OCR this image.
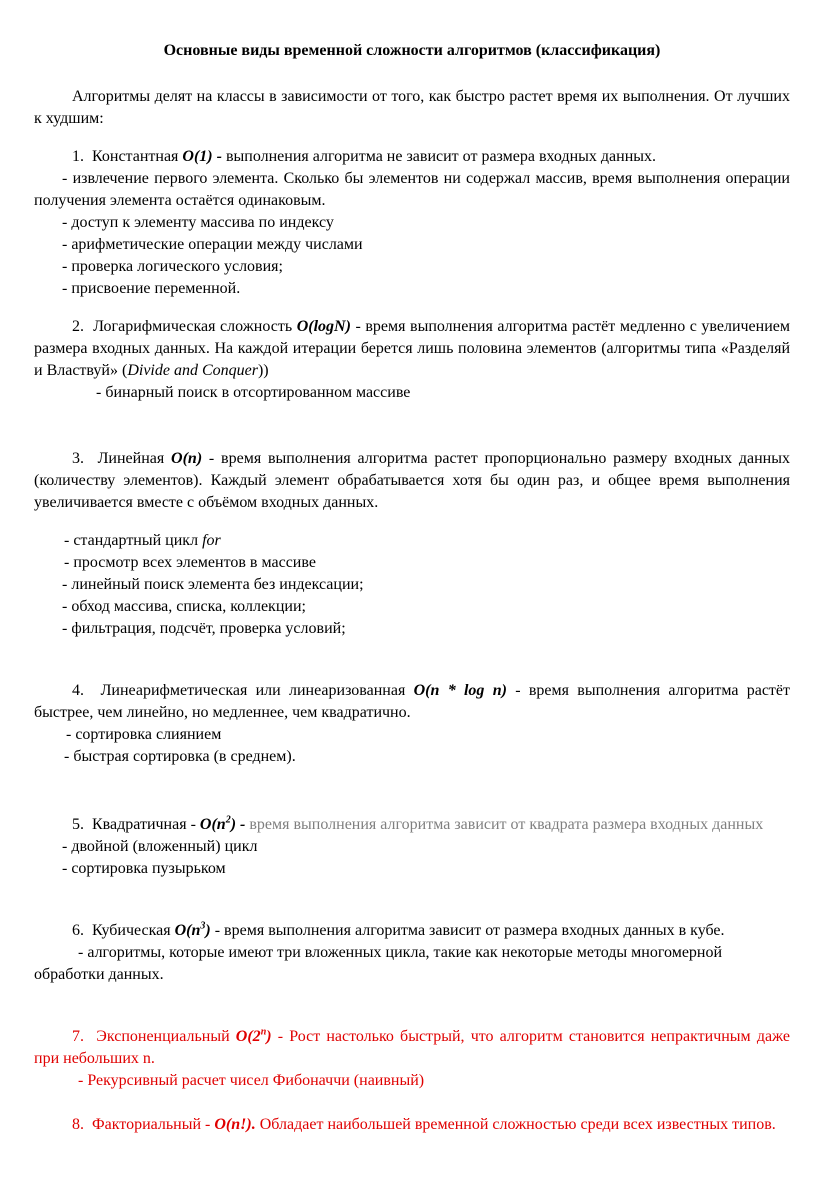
Основные виды временной сложности алгоритмов (классификация)

Алгоритмы делят на классы в зависимости от того, как быстро растет время их выполнения. От лучших к худшим:

1.  Константная О(1) - выполнения алгоритма не зависит от размера входных данных.

- извлечение первого элемента. Сколько бы элементов ни содержал массив, время выполнения операции получения элемента остаётся одинаковым.

- доступ к элементу массива по индексу

- арифметические операции между числами

- проверка логического условия;

- присвоение переменной.

2.  Логарифмическая сложность О(logN) - время выполнения алгоритма растёт медленно с увеличением размера входных данных. На каждой итерации берется лишь половина элементов (алгоритмы типа «Разделяй и Властвуй» (Divide and Conquer))

- бинарный поиск в отсортированном массиве

3.  Линейная О(n) - время выполнения алгоритма растет пропорционально размеру входных данных (количеству элементов). Каждый элемент обрабатывается хотя бы один раз, и общее время выполнения увеличивается вместе с объёмом входных данных.

- стандартный цикл for

- просмотр всех элементов в массиве

- линейный поиск элемента без индексации;

- обход массива, списка, коллекции;

- фильтрация, подсчёт, проверка условий;

4.  Линеарифметическая или линеаризованная О(n * log n) - время выполнения алгоритма растёт быстрее, чем линейно, но медленнее, чем квадратично.

- сортировка слиянием

- быстрая сортировка (в среднем).

5.  Квадратичная - $О(n^2)$ - время выполнения алгоритма зависит от квадрата размера входных данных

- двойной (вложенный) цикл

- сортировка пузырьком

6.  Кубическая $О(n^3)$ - время выполнения алгоритма зависит от размера входных данных в кубе.

- алгоритмы, которые имеют три вложенных цикла, такие как некоторые методы многомерной обработки данных.

7.  Экспоненциальный О(2$^n$) - Рост настолько быстрый, что алгоритм становится непрактичным даже при небольших n.

- Рекурсивный расчет чисел Фибоначчи (наивный)

8.  Факториальный - O(n!). Обладает наибольшей временной сложностью среди всех известных типов.
